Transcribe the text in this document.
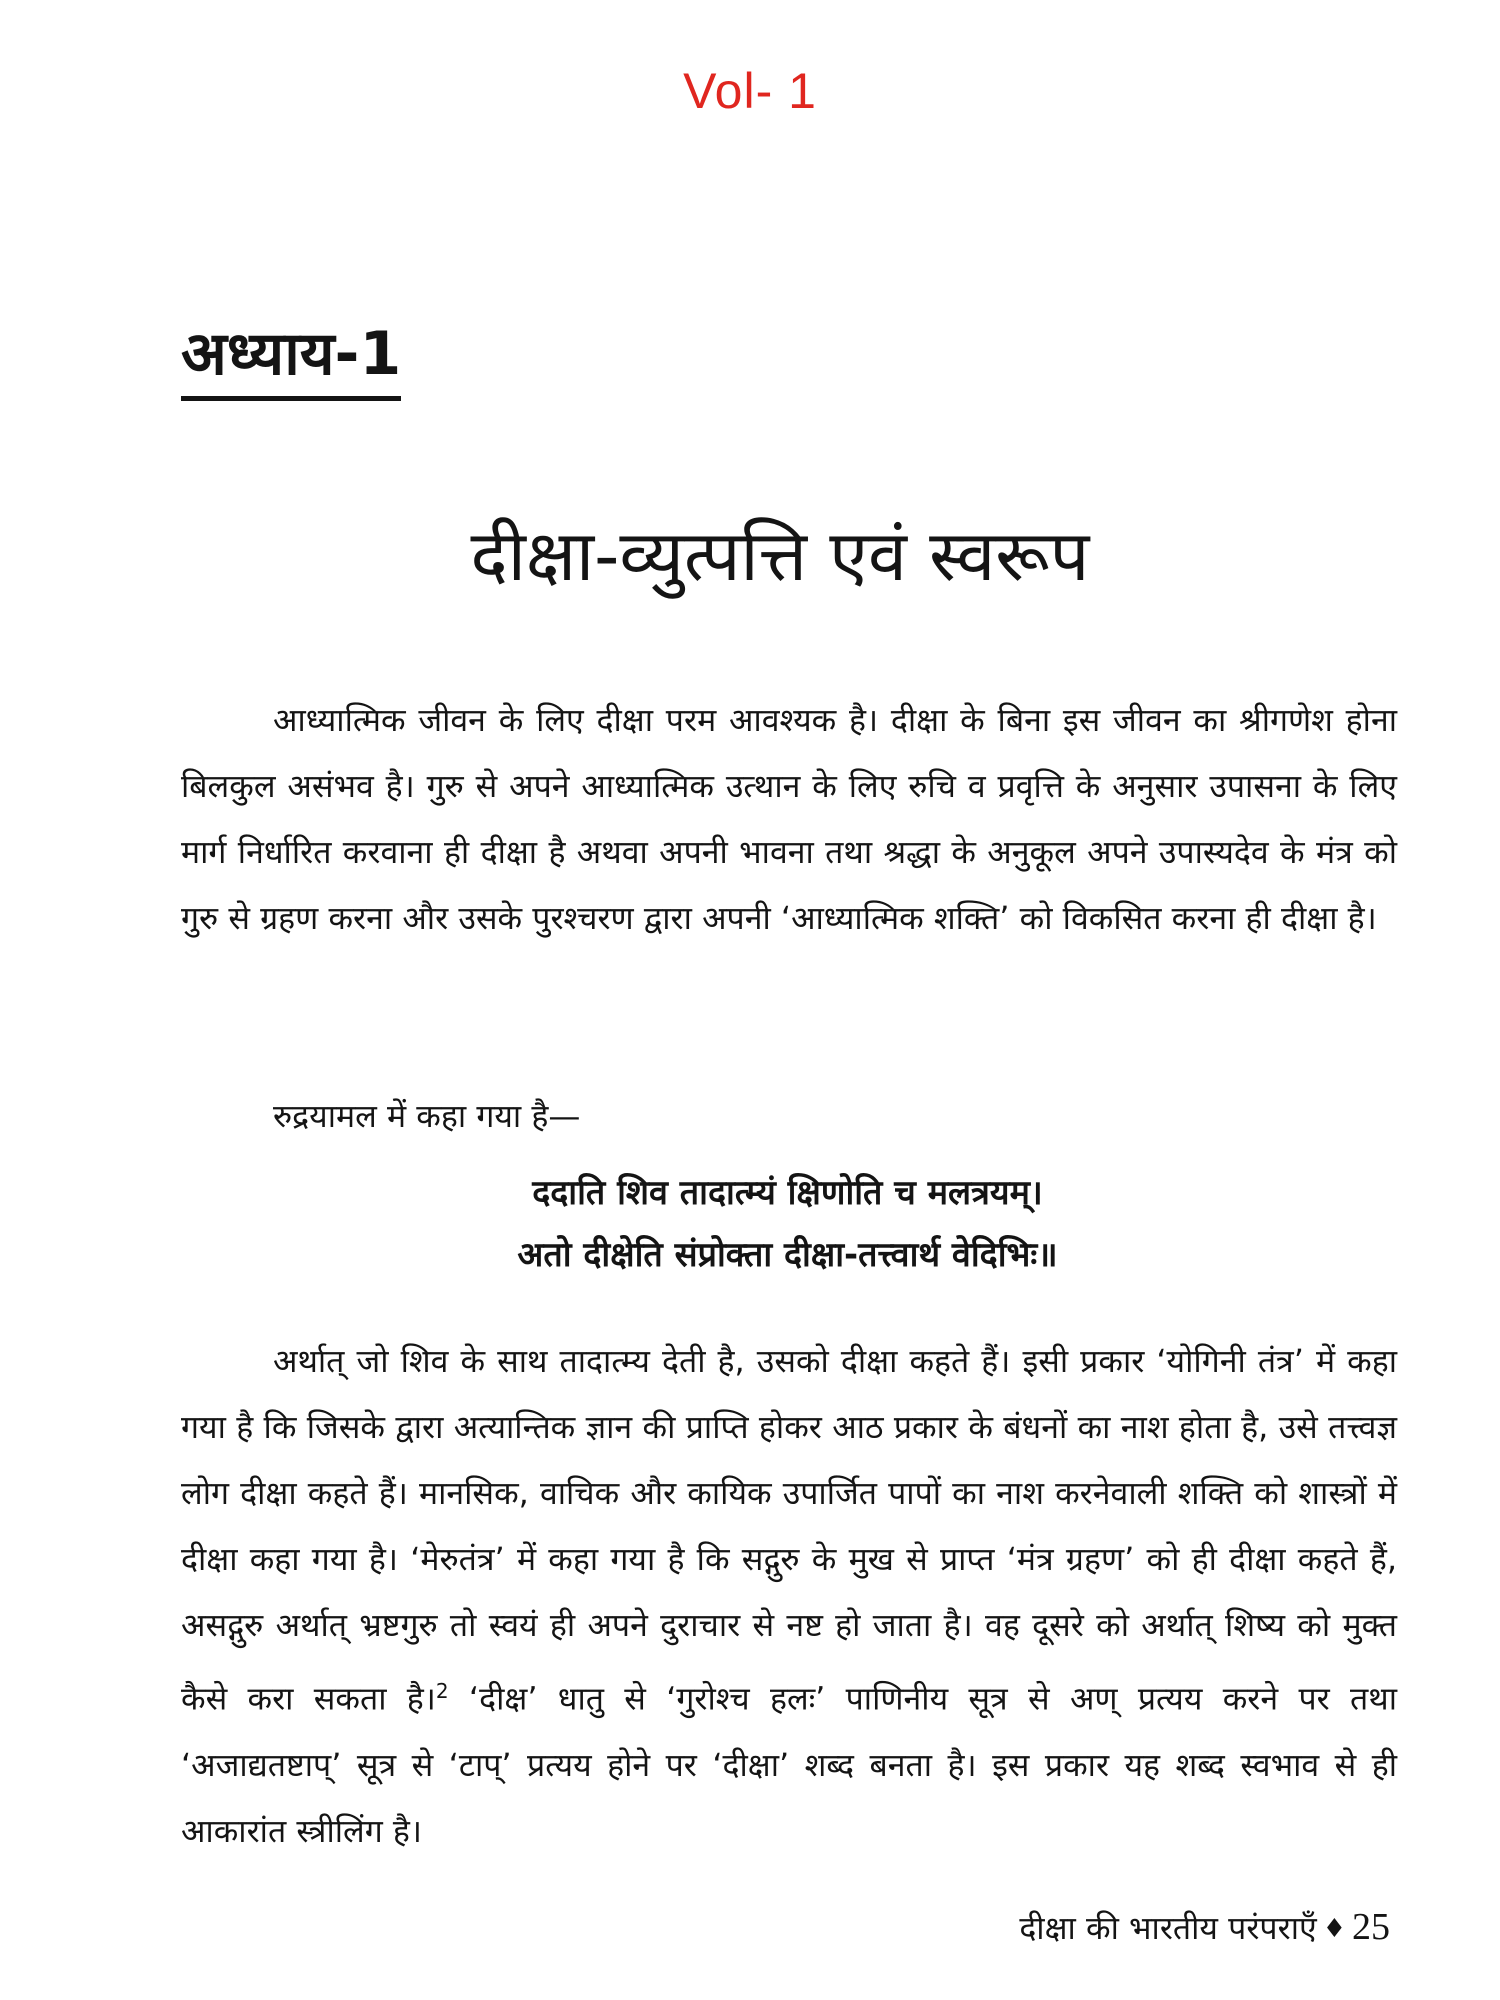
Vol- 1
अध्याय-1
दीक्षा-व्युत्पत्ति एवं स्वरूप

आध्यात्मिक जीवन के लिए दीक्षा परम आवश्यक है। दीक्षा के बिना इस जीवन का श्रीगणेश होना बिलकुल असंभव है। गुरु से अपने आध्यात्मिक उत्थान के लिए रुचि व प्रवृत्ति के अनुसार उपासना के लिए मार्ग निर्धारित करवाना ही दीक्षा है अथवा अपनी भावना तथा श्रद्धा के अनुकूल अपने उपास्यदेव के मंत्र को गुरु से ग्रहण करना और उसके पुरश्चरण द्वारा अपनी ‘आध्यात्मिक शक्ति’ को विकसित करना ही दीक्षा है।

रुद्रयामल में कहा गया है—

ददाति शिव तादात्म्यं क्षिणोति च मलत्रयम्।
अतो दीक्षेति संप्रोक्ता दीक्षा-तत्त्वार्थ वेदिभिः॥

अर्थात् जो शिव के साथ तादात्म्य देती है, उसको दीक्षा कहते हैं। इसी प्रकार ‘योगिनी तंत्र’ में कहा गया है कि जिसके द्वारा अत्यान्तिक ज्ञान की प्राप्ति होकर आठ प्रकार के बंधनों का नाश होता है, उसे तत्त्वज्ञ लोग दीक्षा कहते हैं। मानसिक, वाचिक और कायिक उपार्जित पापों का नाश करनेवाली शक्ति को शास्त्रों में दीक्षा कहा गया है। ‘मेरुतंत्र’ में कहा गया है कि सद्गुरु के मुख से प्राप्त ‘मंत्र ग्रहण’ को ही दीक्षा कहते हैं, असद्गुरु अर्थात् भ्रष्टगुरु तो स्वयं ही अपने दुराचार से नष्ट हो जाता है। वह दूसरे को अर्थात् शिष्य को मुक्त कैसे करा सकता है।$^2$ ‘दीक्ष’ धातु से ‘गुरोश्च हलः’ पाणिनीय सूत्र से अण् प्रत्यय करने पर तथा ‘अजाद्यतष्टाप्’ सूत्र से ‘टाप्’ प्रत्यय होने पर ‘दीक्षा’ शब्द बनता है। इस प्रकार यह शब्द स्वभाव से ही आकारांत स्त्रीलिंग है।

दीक्षा की भारतीय परंपराएँ ♦ 25
